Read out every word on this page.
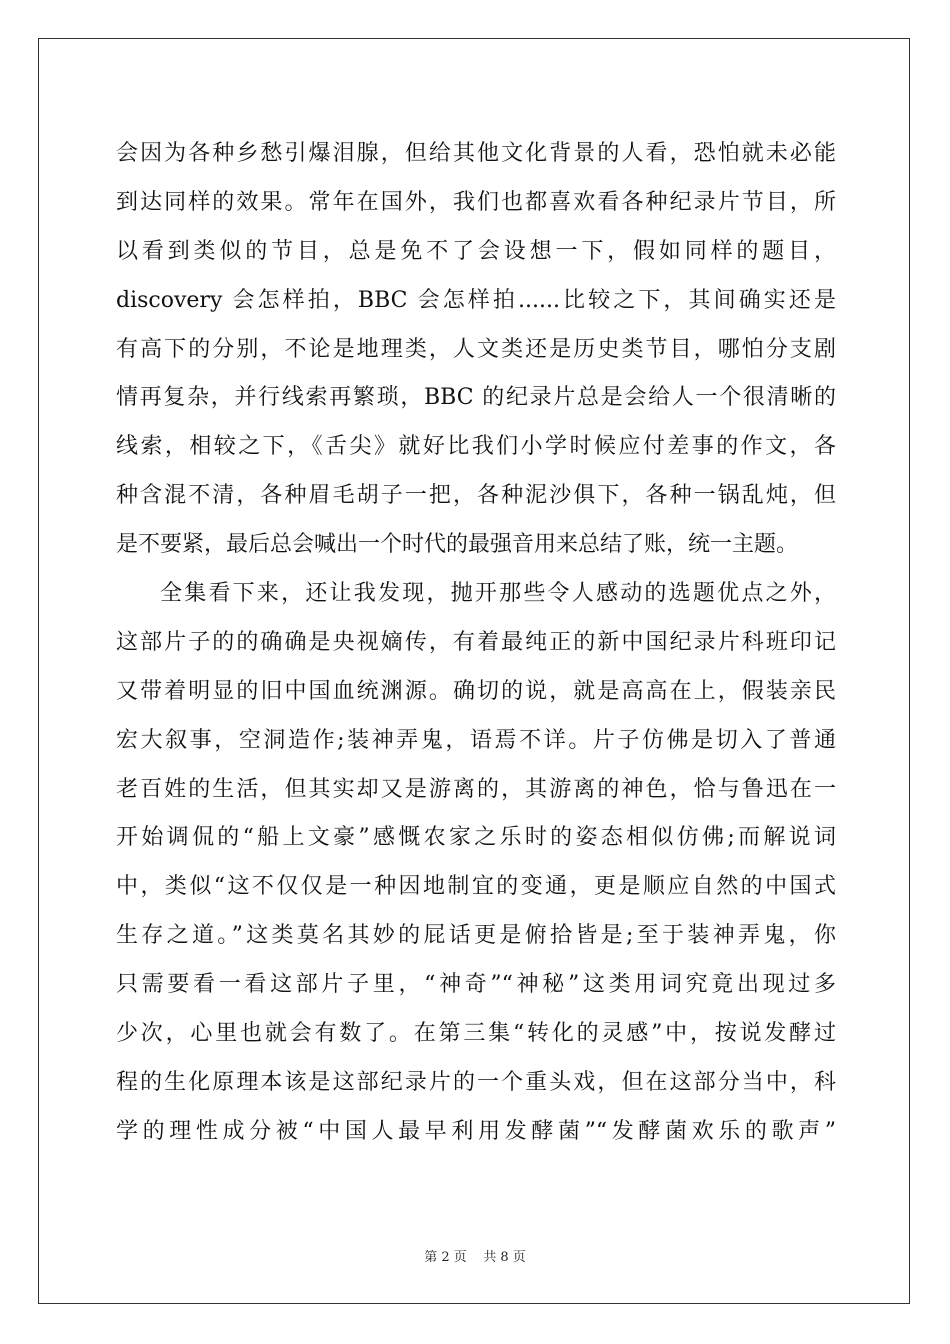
会因为各种乡愁引爆泪腺，但给其他文化背景的人看，恐怕就未必能
到达同样的效果。常年在国外，我们也都喜欢看各种纪录片节目，所
以看到类似的节目，总是免不了会设想一下，假如同样的题目，
discovery 会怎样拍，BBC 会怎样拍......比较之下，其间确实还是
有高下的分别，不论是地理类，人文类还是历史类节目，哪怕分支剧
情再复杂，并行线索再繁琐，BBC 的纪录片总是会给人一个很清晰的
线索，相较之下，《舌尖》就好比我们小学时候应付差事的作文，各
种含混不清，各种眉毛胡子一把，各种泥沙俱下，各种一锅乱炖，但
是不要紧，最后总会喊出一个时代的最强音用来总结了账，统一主题。
全集看下来，还让我发现，抛开那些令人感动的选题优点之外，
这部片子的的确确是央视嫡传，有着最纯正的新中国纪录片科班印记
又带着明显的旧中国血统渊源。确切的说，就是高高在上，假装亲民
宏大叙事，空洞造作;装神弄鬼，语焉不详。片子仿佛是切入了普通
老百姓的生活，但其实却又是游离的，其游离的神色，恰与鲁迅在一
开始调侃的“船上文豪”感慨农家之乐时的姿态相似仿佛;而解说词
中，类似“这不仅仅是一种因地制宜的变通，更是顺应自然的中国式
生存之道。”这类莫名其妙的屁话更是俯拾皆是;至于装神弄鬼，你
只需要看一看这部片子里，“神奇”“神秘”这类用词究竟出现过多
少次，心里也就会有数了。在第三集“转化的灵感”中，按说发酵过
程的生化原理本该是这部纪录片的一个重头戏，但在这部分当中，科
学的理性成分被“中国人最早利用发酵菌”“发酵菌欢乐的歌声”
第 2 页 共 8 页
